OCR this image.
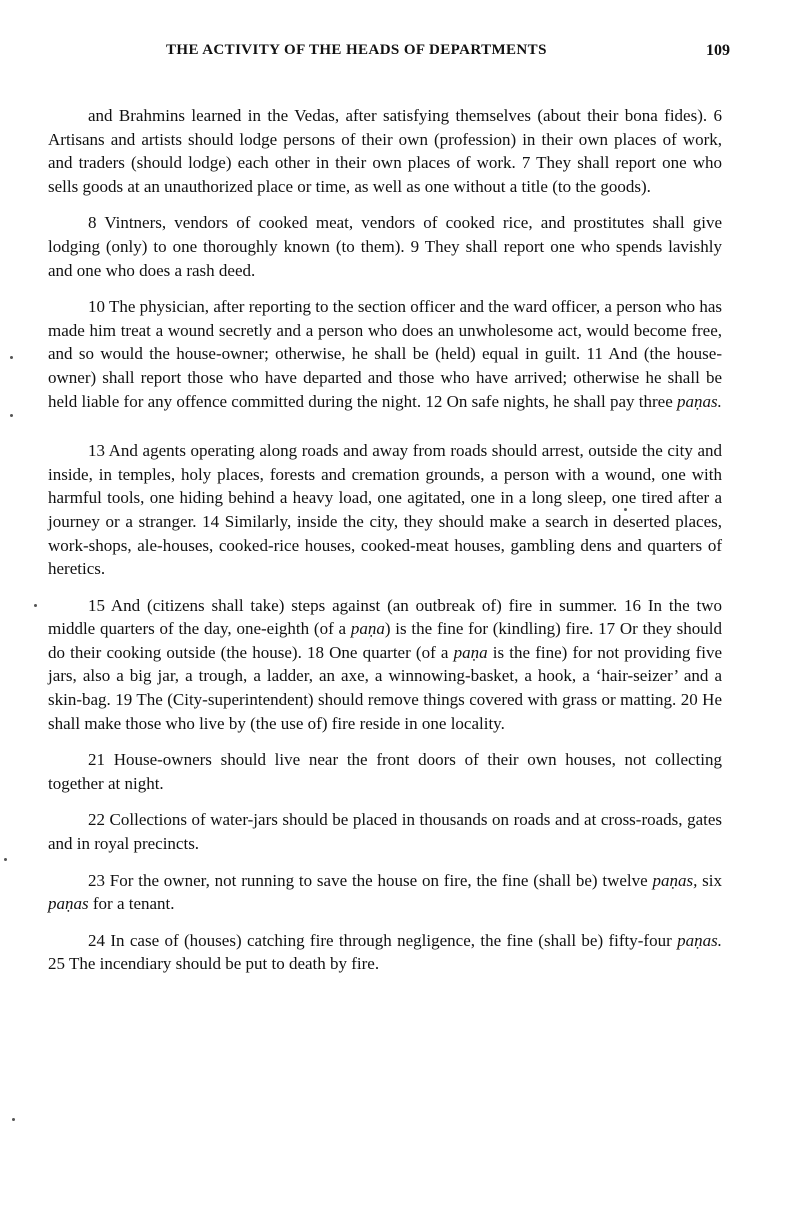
THE ACTIVITY OF THE HEADS OF DEPARTMENTS	109

and Brahmins learned in the Vedas, after satisfying themselves (about their bona fides). 6 Artisans and artists should lodge persons of their own (profession) in their own places of work, and traders (should lodge) each other in their own places of work. 7 They shall report one who sells goods at an unauthorized place or time, as well as one without a title (to the goods).

8 Vintners, vendors of cooked meat, vendors of cooked rice, and prostitutes shall give lodging (only) to one thoroughly known (to them). 9 They shall report one who spends lavishly and one who does a rash deed.

10 The physician, after reporting to the section officer and the ward officer, a person who has made him treat a wound secretly and a person who does an unwholesome act, would become free, and so would the house-owner; otherwise, he shall be (held) equal in guilt. 11 And (the house-owner) shall report those who have departed and those who have arrived; otherwise he shall be held liable for any offence committed during the night. 12 On safe nights, he shall pay three paṇas.

13 And agents operating along roads and away from roads should arrest, outside the city and inside, in temples, holy places, forests and cremation grounds, a person with a wound, one with harmful tools, one hiding behind a heavy load, one agitated, one in a long sleep, one tired after a journey or a stranger. 14 Similarly, inside the city, they should make a search in deserted places, work-shops, ale-houses, cooked-rice houses, cooked-meat houses, gambling dens and quarters of heretics.

15 And (citizens shall take) steps against (an outbreak of) fire in summer. 16 In the two middle quarters of the day, one-eighth (of a paṇa) is the fine for (kindling) fire. 17 Or they should do their cooking outside (the house). 18 One quarter (of a paṇa is the fine) for not providing five jars, also a big jar, a trough, a ladder, an axe, a winnowing-basket, a hook, a ‘hair-seizer’ and a skin-bag. 19 The (City-superintendent) should remove things covered with grass or matting. 20 He shall make those who live by (the use of) fire reside in one locality.

21 House-owners should live near the front doors of their own houses, not collecting together at night.

22 Collections of water-jars should be placed in thousands on roads and at cross-roads, gates and in royal precincts.

23 For the owner, not running to save the house on fire, the fine (shall be) twelve paṇas, six paṇas for a tenant.

24 In case of (houses) catching fire through negligence, the fine (shall be) fifty-four paṇas. 25 The incendiary should be put to death by fire.
